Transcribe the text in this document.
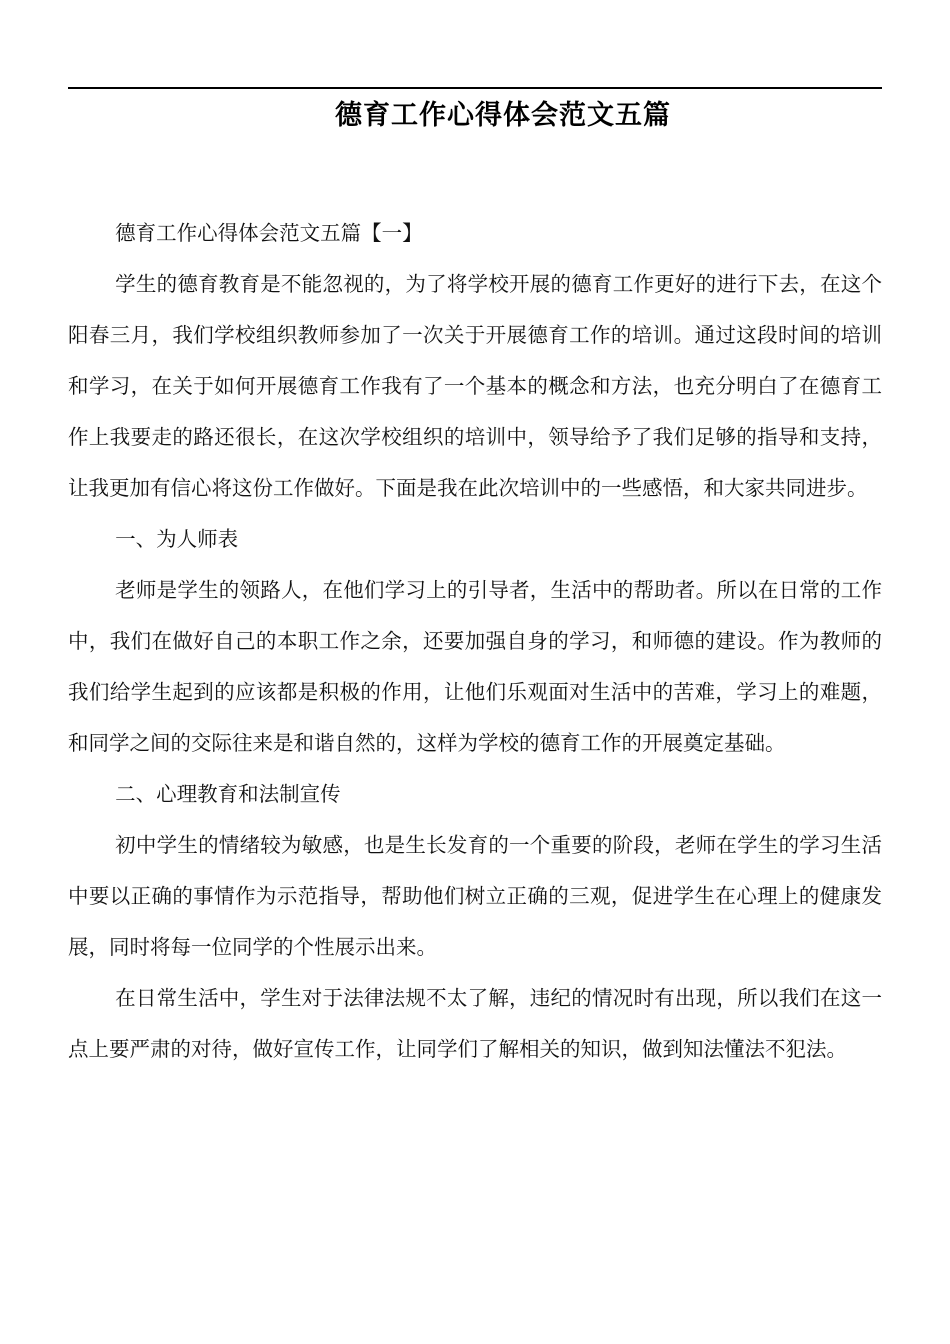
德育工作心得体会范文五篇

德育工作心得体会范文五篇【一】

学生的德育教育是不能忽视的，为了将学校开展的德育工作更好的进行下去，在这个阳春三月，我们学校组织教师参加了一次关于开展德育工作的培训。通过这段时间的培训和学习，在关于如何开展德育工作我有了一个基本的概念和方法，也充分明白了在德育工作上我要走的路还很长，在这次学校组织的培训中，领导给予了我们足够的指导和支持，让我更加有信心将这份工作做好。下面是我在此次培训中的一些感悟，和大家共同进步。

一、为人师表

老师是学生的领路人，在他们学习上的引导者，生活中的帮助者。所以在日常的工作中，我们在做好自己的本职工作之余，还要加强自身的学习，和师德的建设。作为教师的我们给学生起到的应该都是积极的作用，让他们乐观面对生活中的苦难，学习上的难题，和同学之间的交际往来是和谐自然的，这样为学校的德育工作的开展奠定基础。

二、心理教育和法制宣传

初中学生的情绪较为敏感，也是生长发育的一个重要的阶段，老师在学生的学习生活中要以正确的事情作为示范指导，帮助他们树立正确的三观，促进学生在心理上的健康发展，同时将每一位同学的个性展示出来。

在日常生活中，学生对于法律法规不太了解，违纪的情况时有出现，所以我们在这一点上要严肃的对待，做好宣传工作，让同学们了解相关的知识，做到知法懂法不犯法。
